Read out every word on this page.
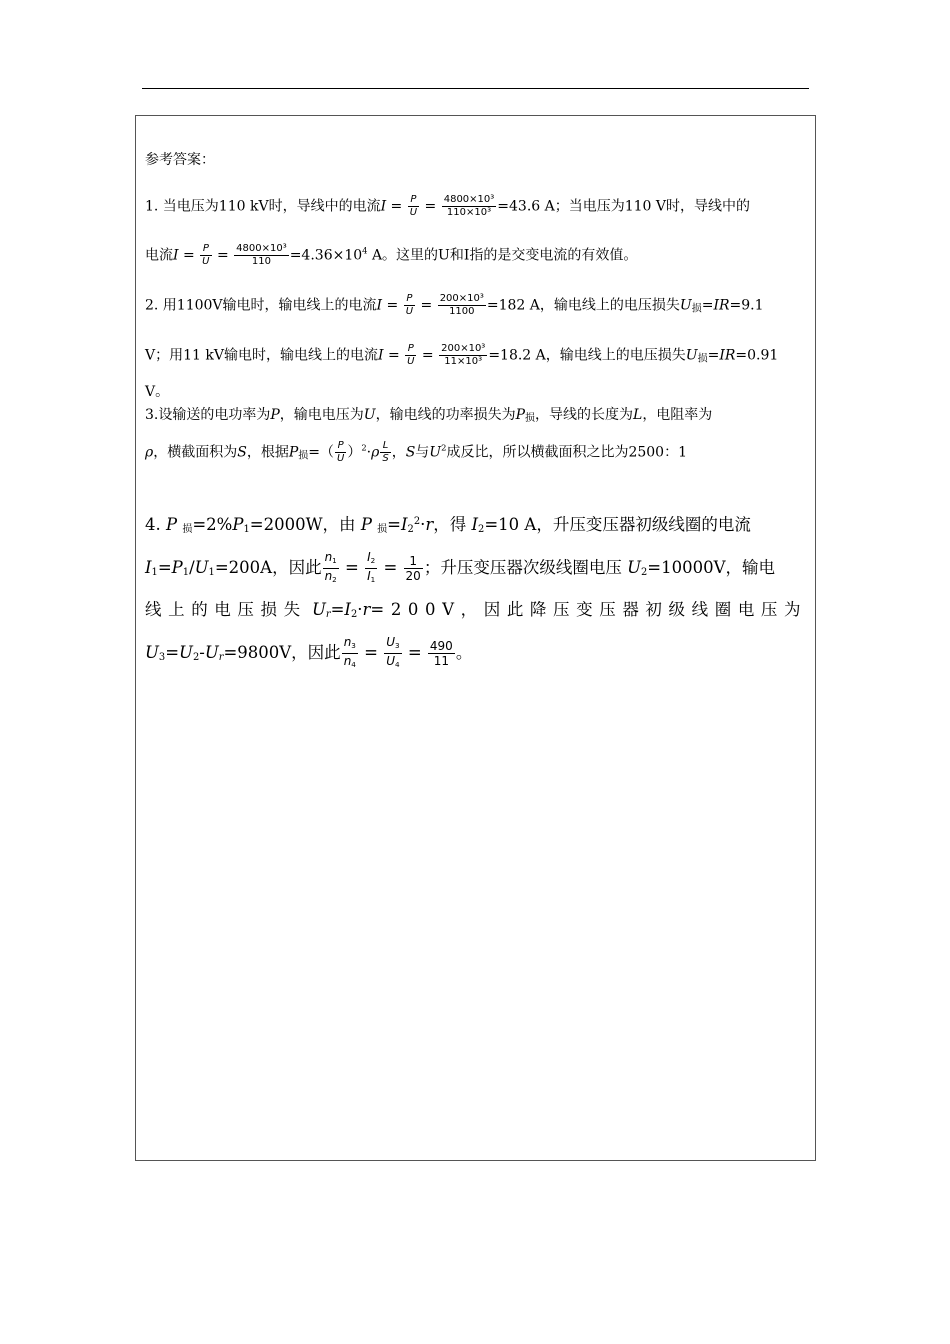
参考答案：
1. 当电压为110 kV时，导线中的电流$I = \frac{P}{U} = \frac{\text{4800×10³}}{\text{110×10³}} =43.6$ A；当电压为110 V时，导线中的
电流$I = \frac{P}{U} = \frac{\text{4800×10³}}{110} =4.36\times 10^4$ A。这里的U和I指的是交变电流的有效值。
2. 用1100V输电时，输电线上的电流$I = \frac{P}{U} = \frac{\text{200×10³}}{1100} =182$ A，输电线上的电压损失$U_损=IR=9.1$
V；用11 kV输电时，输电线上的电流$I = \frac{P}{U} = \frac{\text{200×10³}}{\text{11×10³}} =18.2$ A，输电线上的电压损失$U_损=IR=0.91$
V。
3.设输送的电功率为P，输电电压为U，输电线的功率损失为$P_损$，导线的长度为L，电阻率为
ρ，横截面积为S，根据$P_损=( \frac{P}{U} )^2\cdot\rho \frac{L}{S}$ ，S与$U^2$成反比，所以横截面积之比为2500：1
4. P $_损=2\%P_1=2000W$，由 P $_损=I_2^2\cdot r$，得 $I_2=10$ A，升压变压器初级线圈的电流
$I_1=P_1/U_1=200A$，因此 $\frac{n_1}{n_2} = \frac{I_2}{I_1} = \frac{1}{20}$ ；升压变压器次级线圈电压 $U_2=10000V$，输电
线上的电压损失 $U_r=I_2\cdot r=200V$，因此降压变压器初级线圈电压为
$U_3=U_2-U_r=9800V$，因此 $\frac{n_3}{n_4} = \frac{U_3}{U_4} = \frac{490}{11}$ 。
